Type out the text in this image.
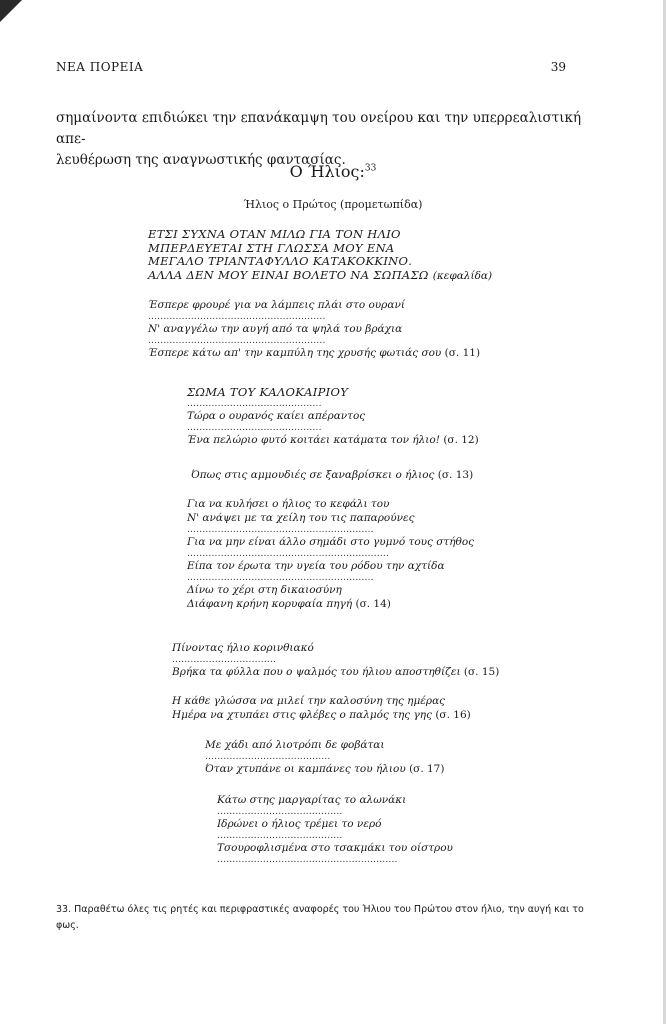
ΝΕΑ ΠΟΡΕΙΑ	39

σημαίνοντα επιδιώκει την επανάκαμψη του ονείρου και την υπερρεαλιστική απε-

λευθέρωση της αναγνωστικής φαντασίας.

Ο Ήλιος:$^{33}$
Ήλιος ο Πρώτος (προμετωπίδα)
ΕΤΣΙ ΣΥΧΝΑ ΟΤΑΝ ΜΙΛΩ ΓΙΑ ΤΟΝ ΗΛΙΟ
ΜΠΕΡΔΕΥΕΤΑΙ ΣΤΗ ΓΛΩΣΣΑ ΜΟΥ ΕΝΑ
ΜΕΓΑΛΟ ΤΡΙΑΝΤΑΦΥΛΛΟ ΚΑΤΑΚΟΚΚΙΝΟ.
ΑΛΛΑ ΔΕΝ ΜΟΥ ΕΙΝΑΙ ΒΟΛΕΤΟ ΝΑ ΣΩΠΑΣΩ (κεφαλίδα)
Έσπερε φρουρέ για να λάμπεις πλάι στο ουρανί
..........................................................
Ν' αναγγέλω την αυγή από τα ψηλά του βράχια
..........................................................
Έσπερε κάτω απ' την καμπύλη της χρυσής φωτιάς σου (σ. 11)
ΣΩΜΑ ΤΟΥ ΚΑΛΟΚΑΙΡΙΟΥ
............................................
Τώρα ο ουρανός καίει απέραντος
............................................
Ένα πελώριο φυτό κοιτάει κατάματα τον ήλιο! (σ. 12)
Όπως στις αμμουδιές σε ξαναβρίσκει ο ήλιος (σ. 13)
Για να κυλήσει ο ήλιος το κεφάλι του
Ν' ανάψει με τα χείλη του τις παπαρούνες
.............................................................
Για να μην είναι άλλο σημάδι στο γυμνό τους στήθος
..................................................................
Είπα τον έρωτα την υγεία του ρόδου την αχτίδα
.............................................................
Δίνω το χέρι στη δικαιοσύνη
Διάφανη κρήνη κορυφαία πηγή (σ. 14)
Πίνοντας ήλιο κορινθιακό
..................................
Βρήκα τα φύλλα που ο ψαλμός του ήλιου αποστηθίζει (σ. 15)
Η κάθε γλώσσα να μιλεί την καλοσύνη της ημέρας
Ημέρα να χτυπάει στις φλέβες ο παλμός της γης (σ. 16)
Με χάδι από λιοτρόπι δε φοβάται
.........................................
Όταν χτυπάνε οι καμπάνες του ήλιου (σ. 17)
Κάτω στης μαργαρίτας το αλωνάκι
.........................................
Ιδρώνει ο ήλιος τρέμει το νερό
.........................................
Τσουροφλισμένα στο τσακμάκι του οίστρου
...........................................................
33. Παραθέτω όλες τις ρητές και περιφραστικές αναφορές του Ήλιου του Πρώτου στον ήλιο, την αυγή και το φως.
